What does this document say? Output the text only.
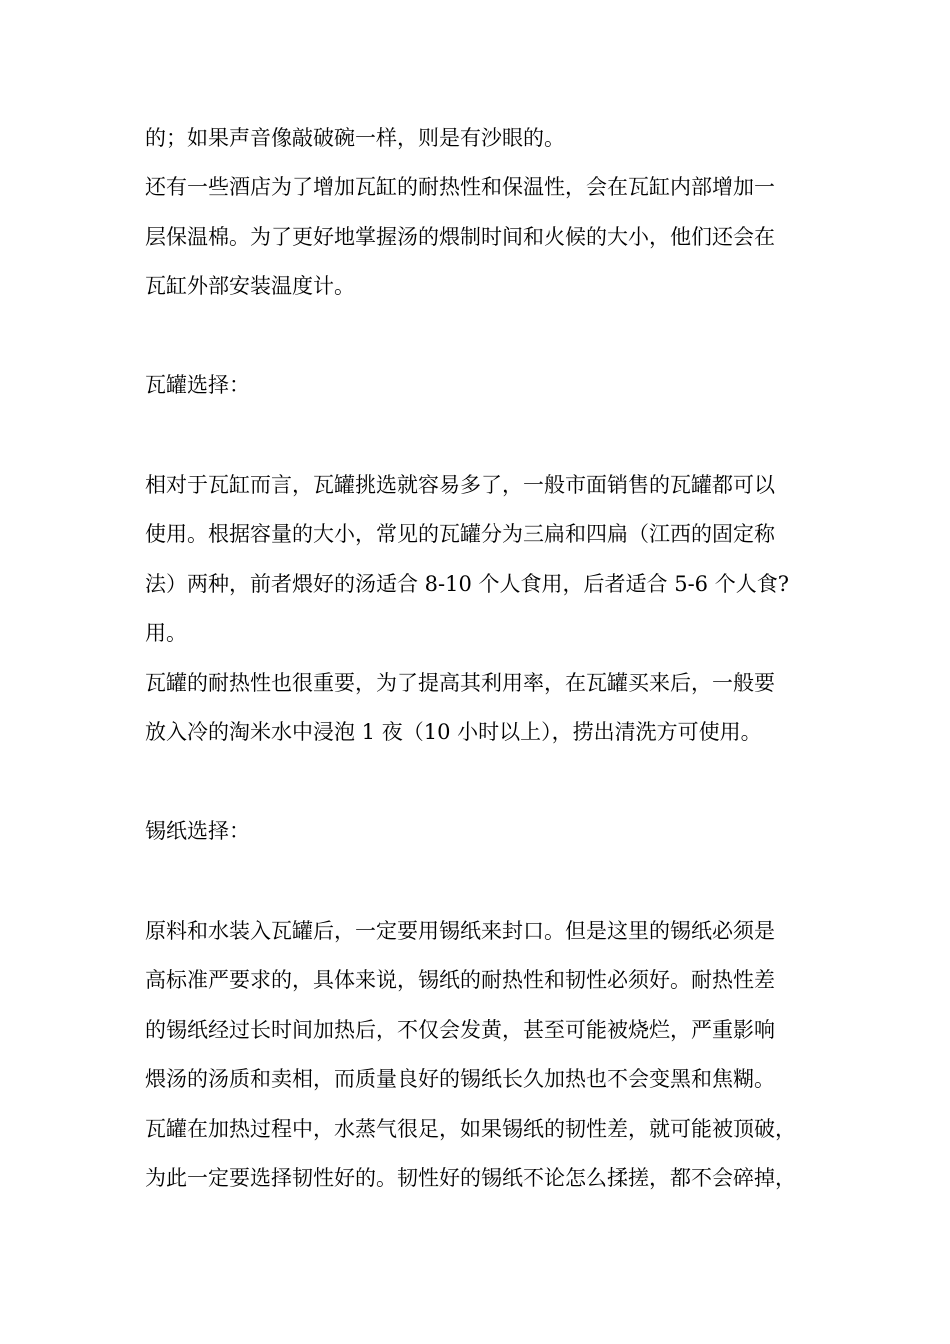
的；如果声音像敲破碗一样，则是有沙眼的。
还有一些酒店为了增加瓦缸的耐热性和保温性，会在瓦缸内部增加一
层保温棉。为了更好地掌握汤的煨制时间和火候的大小，他们还会在
瓦缸外部安装温度计。
瓦罐选择：
相对于瓦缸而言，瓦罐挑选就容易多了，一般市面销售的瓦罐都可以
使用。根据容量的大小，常见的瓦罐分为三扁和四扁（江西的固定称
法）两种，前者煨好的汤适合 8-10 个人食用，后者适合 5-6 个人食?
用。
瓦罐的耐热性也很重要，为了提高其利用率，在瓦罐买来后，一般要
放入冷的淘米水中浸泡 1 夜（10 小时以上），捞出清洗方可使用。
锡纸选择：
原料和水装入瓦罐后，一定要用锡纸来封口。但是这里的锡纸必须是
高标准严要求的，具体来说，锡纸的耐热性和韧性必须好。耐热性差
的锡纸经过长时间加热后，不仅会发黄，甚至可能被烧烂，严重影响
煨汤的汤质和卖相，而质量良好的锡纸长久加热也不会变黑和焦糊。
瓦罐在加热过程中，水蒸气很足，如果锡纸的韧性差，就可能被顶破，
为此一定要选择韧性好的。韧性好的锡纸不论怎么揉搓，都不会碎掉，
